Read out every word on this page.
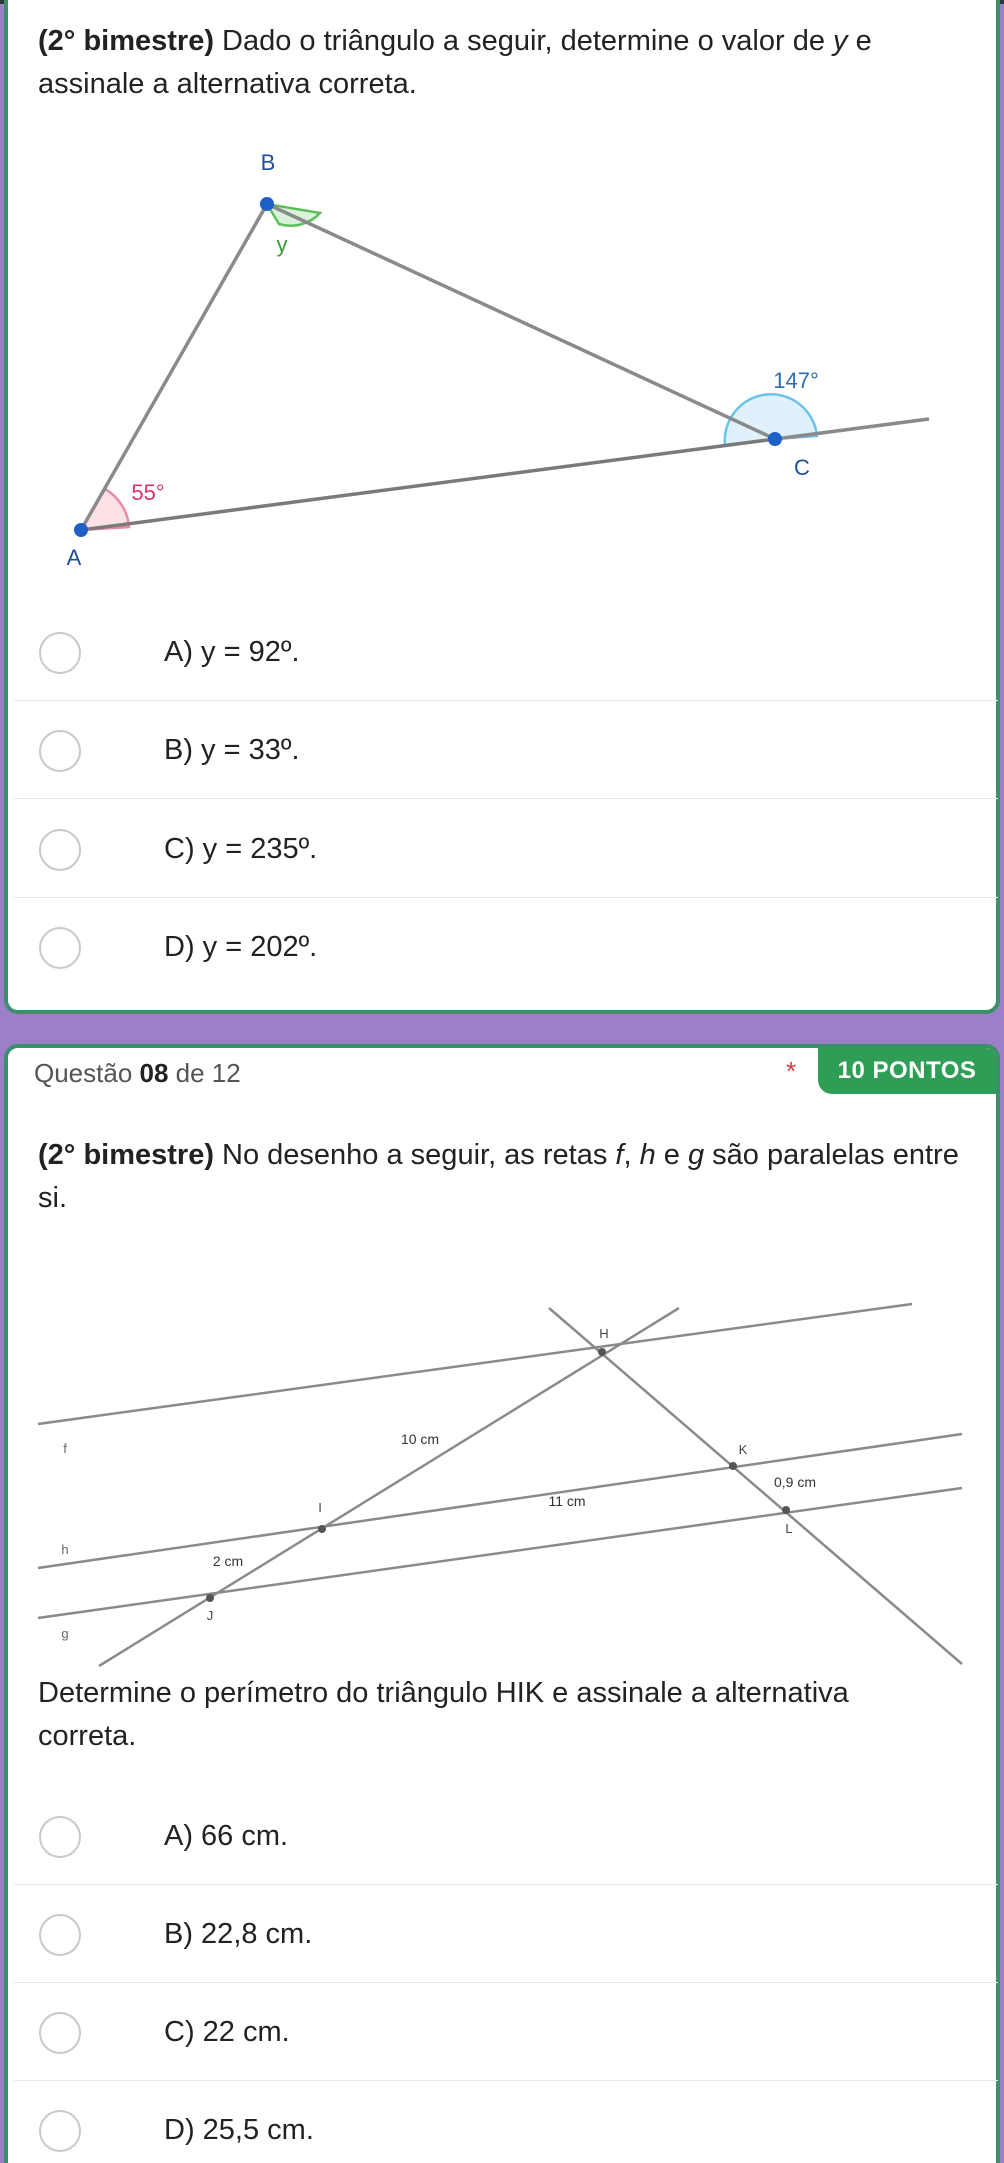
(2° bimestre) Dado o triângulo a seguir, determine o valor de y e
assinale a alternativa correta.
B
A
C
y
55°
147°
A) y = 92º.
B) y = 33º.
C) y = 235º.
D) y = 202º.
Questão 08 de 12	*	10 PONTOS
(2° bimestre) No desenho a seguir, as retas f, h e g são paralelas entre
si.
H
K
L
I
J
f
h
g
10 cm
11 cm
0,9 cm
2 cm
Determine o perímetro do triângulo HIK e assinale a alternativa
correta.
A) 66 cm.
B) 22,8 cm.
C) 22 cm.
D) 25,5 cm.
